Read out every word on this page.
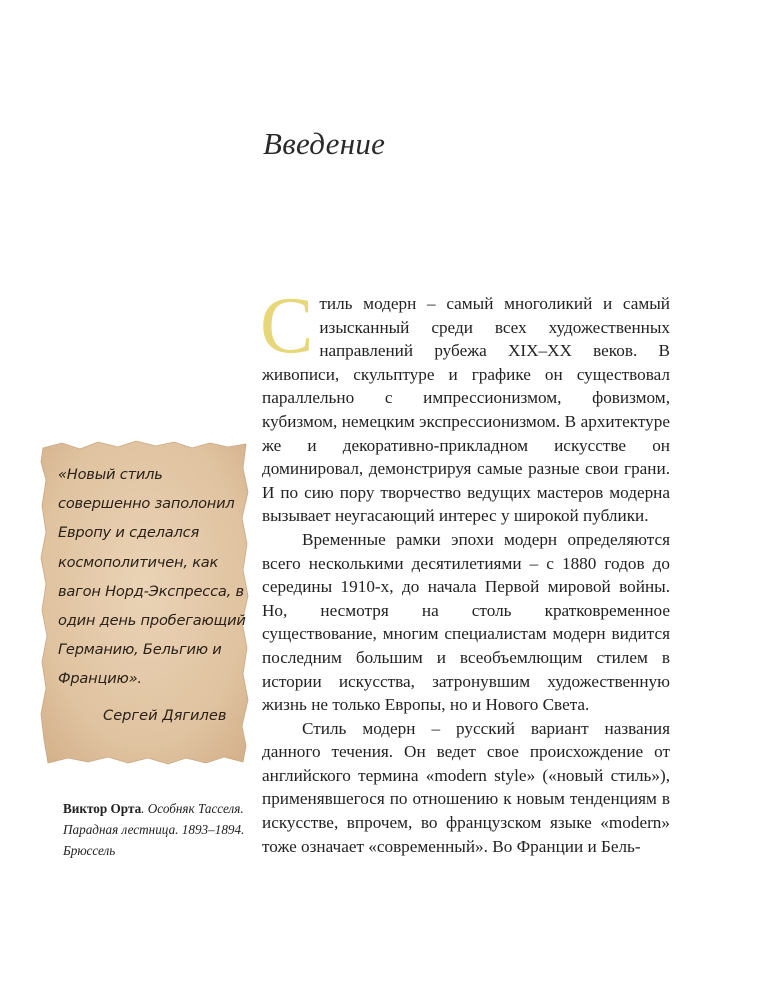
Введение
«Новый стиль совершенно заполонил Европу и сделался космополитичен, как вагон Норд-Экспресса, в один день пробегающий Германию, Бельгию и Францию».
Сергей Дягилев
Виктор Орта. Особняк Тасселя. Парадная лестница. 1893–1894. Брюссель

Стиль модерн – самый многоликий и самый изысканный среди всех художественных направлений рубежа XIX–XX веков. В живописи, скульптуре и графике он существовал параллельно с импрессионизмом, фовизмом, кубизмом, немецким экспрессионизмом. В архитектуре же и декоративно-прикладном искусстве он доминировал, демонстрируя самые разные свои грани. И по сию пору творчество ведущих мастеров модерна вызывает неугасающий интерес у широкой публики.

Временные рамки эпохи модерн определяются всего несколькими десятилетиями – с 1880 годов до середины 1910-х, до начала Первой мировой войны. Но, несмотря на столь кратковременное существование, многим специалистам модерн видится последним большим и всеобъемлющим стилем в истории искусства, затронувшим художественную жизнь не только Европы, но и Нового Света.

Стиль модерн – русский вариант названия данного течения. Он ведет свое происхождение от английского термина «modern style» («новый стиль»), применявшегося по отношению к новым тенденциям в искусстве, впрочем, во французском языке «modern» тоже означает «современный». Во Франции и Бель-
